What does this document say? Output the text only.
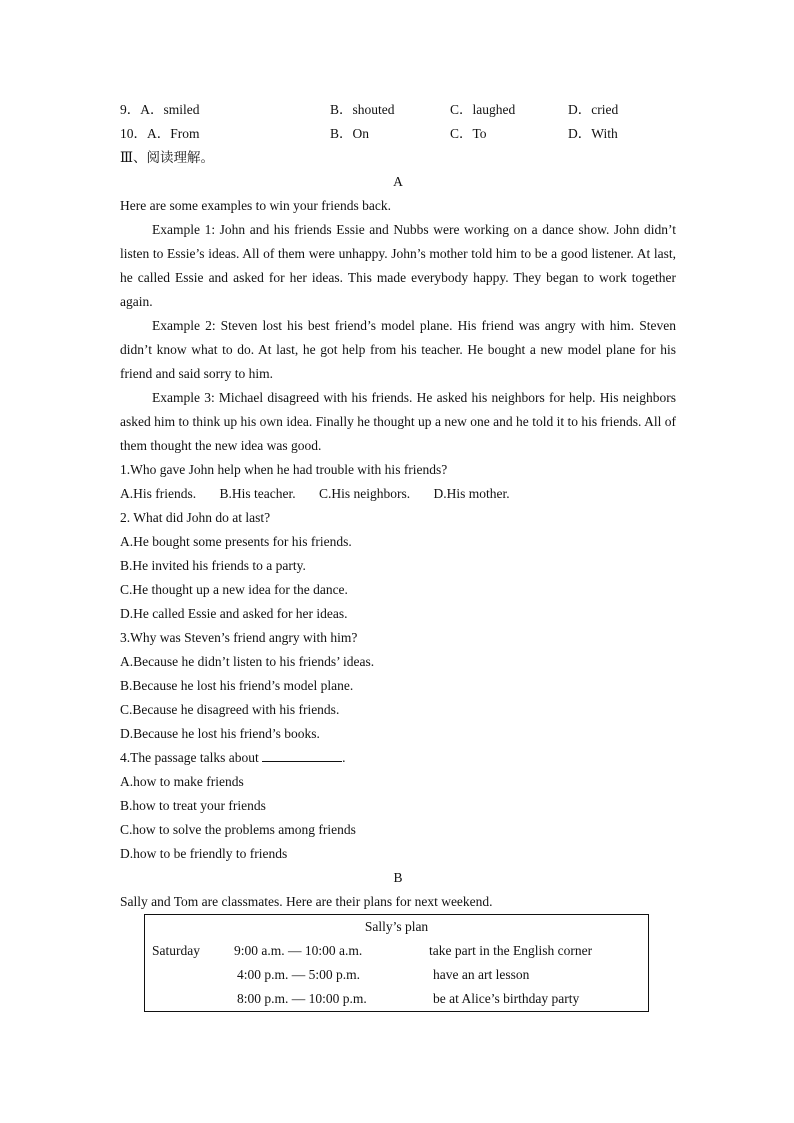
9．A．smiled	B．shouted	C．laughed	D．cried
10．A．From	B．On	C．To	D．With
Ⅲ、阅读理解。
A
Here are some examples to win your friends back.
Example 1: John and his friends Essie and Nubbs were working on a dance show. John didn’t listen to Essie’s ideas. All of them were unhappy. John’s mother told him to be a good listener. At last, he called Essie and asked for her ideas. This made everybody happy. They began to work together again.
Example 2: Steven lost his best friend’s model plane. His friend was angry with him. Steven didn’t know what to do. At last, he got help from his teacher. He bought a new model plane for his friend and said sorry to him.
Example 3: Michael disagreed with his friends. He asked his neighbors for help. His neighbors asked him to think up his own idea. Finally he thought up a new one and he told it to his friends. All of them thought the new idea was good.
1.Who gave John help when he had trouble with his friends?
A.His friends. B.His teacher. C.His neighbors. D.His mother.
2. What did John do at last?
A.He bought some presents for his friends.
B.He invited his friends to a party.
C.He thought up a new idea for the dance.
D.He called Essie and asked for her ideas.
3.Why was Steven’s friend angry with him?
A.Because he didn’t listen to his friends’ ideas.
B.Because he lost his friend’s model plane.
C.Because he disagreed with his friends.
D.Because he lost his friend’s books.
4.The passage talks about	.
A.how to make friends
B.how to treat your friends
C.how to solve the problems among friends
D.how to be friendly to friends
B
Sally and Tom are classmates. Here are their plans for next weekend.
Sally’s plan		
Saturday	9:00 a.m. — 10:00 a.m.	take part in the English corner
	4:00 p.m. — 5:00 p.m.	have an art lesson
	8:00 p.m. — 10:00 p.m.	be at Alice’s birthday party
